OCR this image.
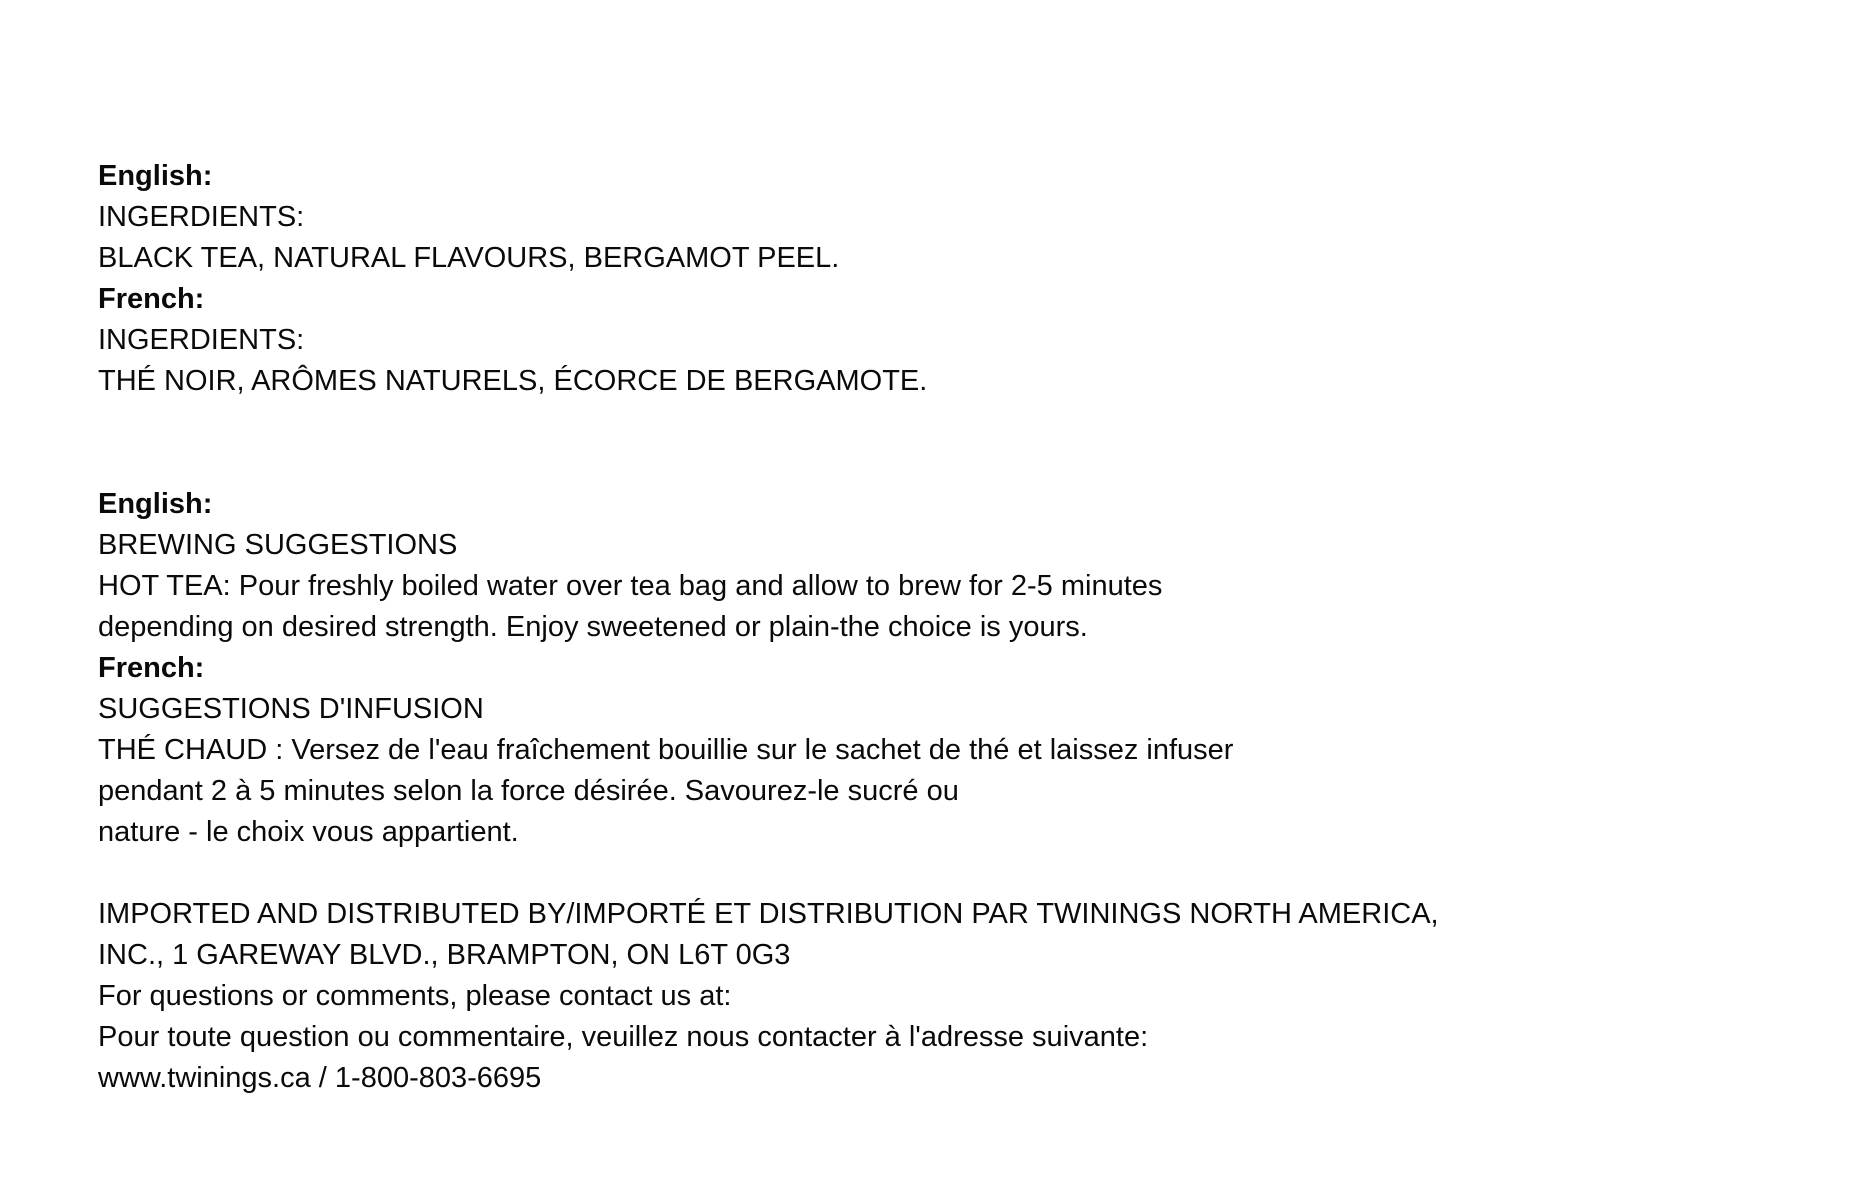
English:

INGERDIENTS:

BLACK TEA, NATURAL FLAVOURS, BERGAMOT PEEL.

French:

INGERDIENTS:

THÉ NOIR, ARÔMES NATURELS, ÉCORCE DE BERGAMOTE.

English:

BREWING SUGGESTIONS

HOT TEA: Pour freshly boiled water over tea bag and allow to brew for 2-5 minutes

depending on desired strength. Enjoy sweetened or plain-the choice is yours.

French:

SUGGESTIONS D'INFUSION

THÉ CHAUD : Versez de l'eau fraîchement bouillie sur le sachet de thé et laissez infuser

pendant 2 à 5 minutes selon la force désirée. Savourez-le sucré ou

nature - le choix vous appartient.

IMPORTED AND DISTRIBUTED BY/IMPORTÉ ET DISTRIBUTION PAR TWININGS NORTH AMERICA,

INC., 1 GAREWAY BLVD., BRAMPTON, ON L6T 0G3

For questions or comments, please contact us at:

Pour toute question ou commentaire, veuillez nous contacter à l'adresse suivante:

www.twinings.ca / 1-800-803-6695
